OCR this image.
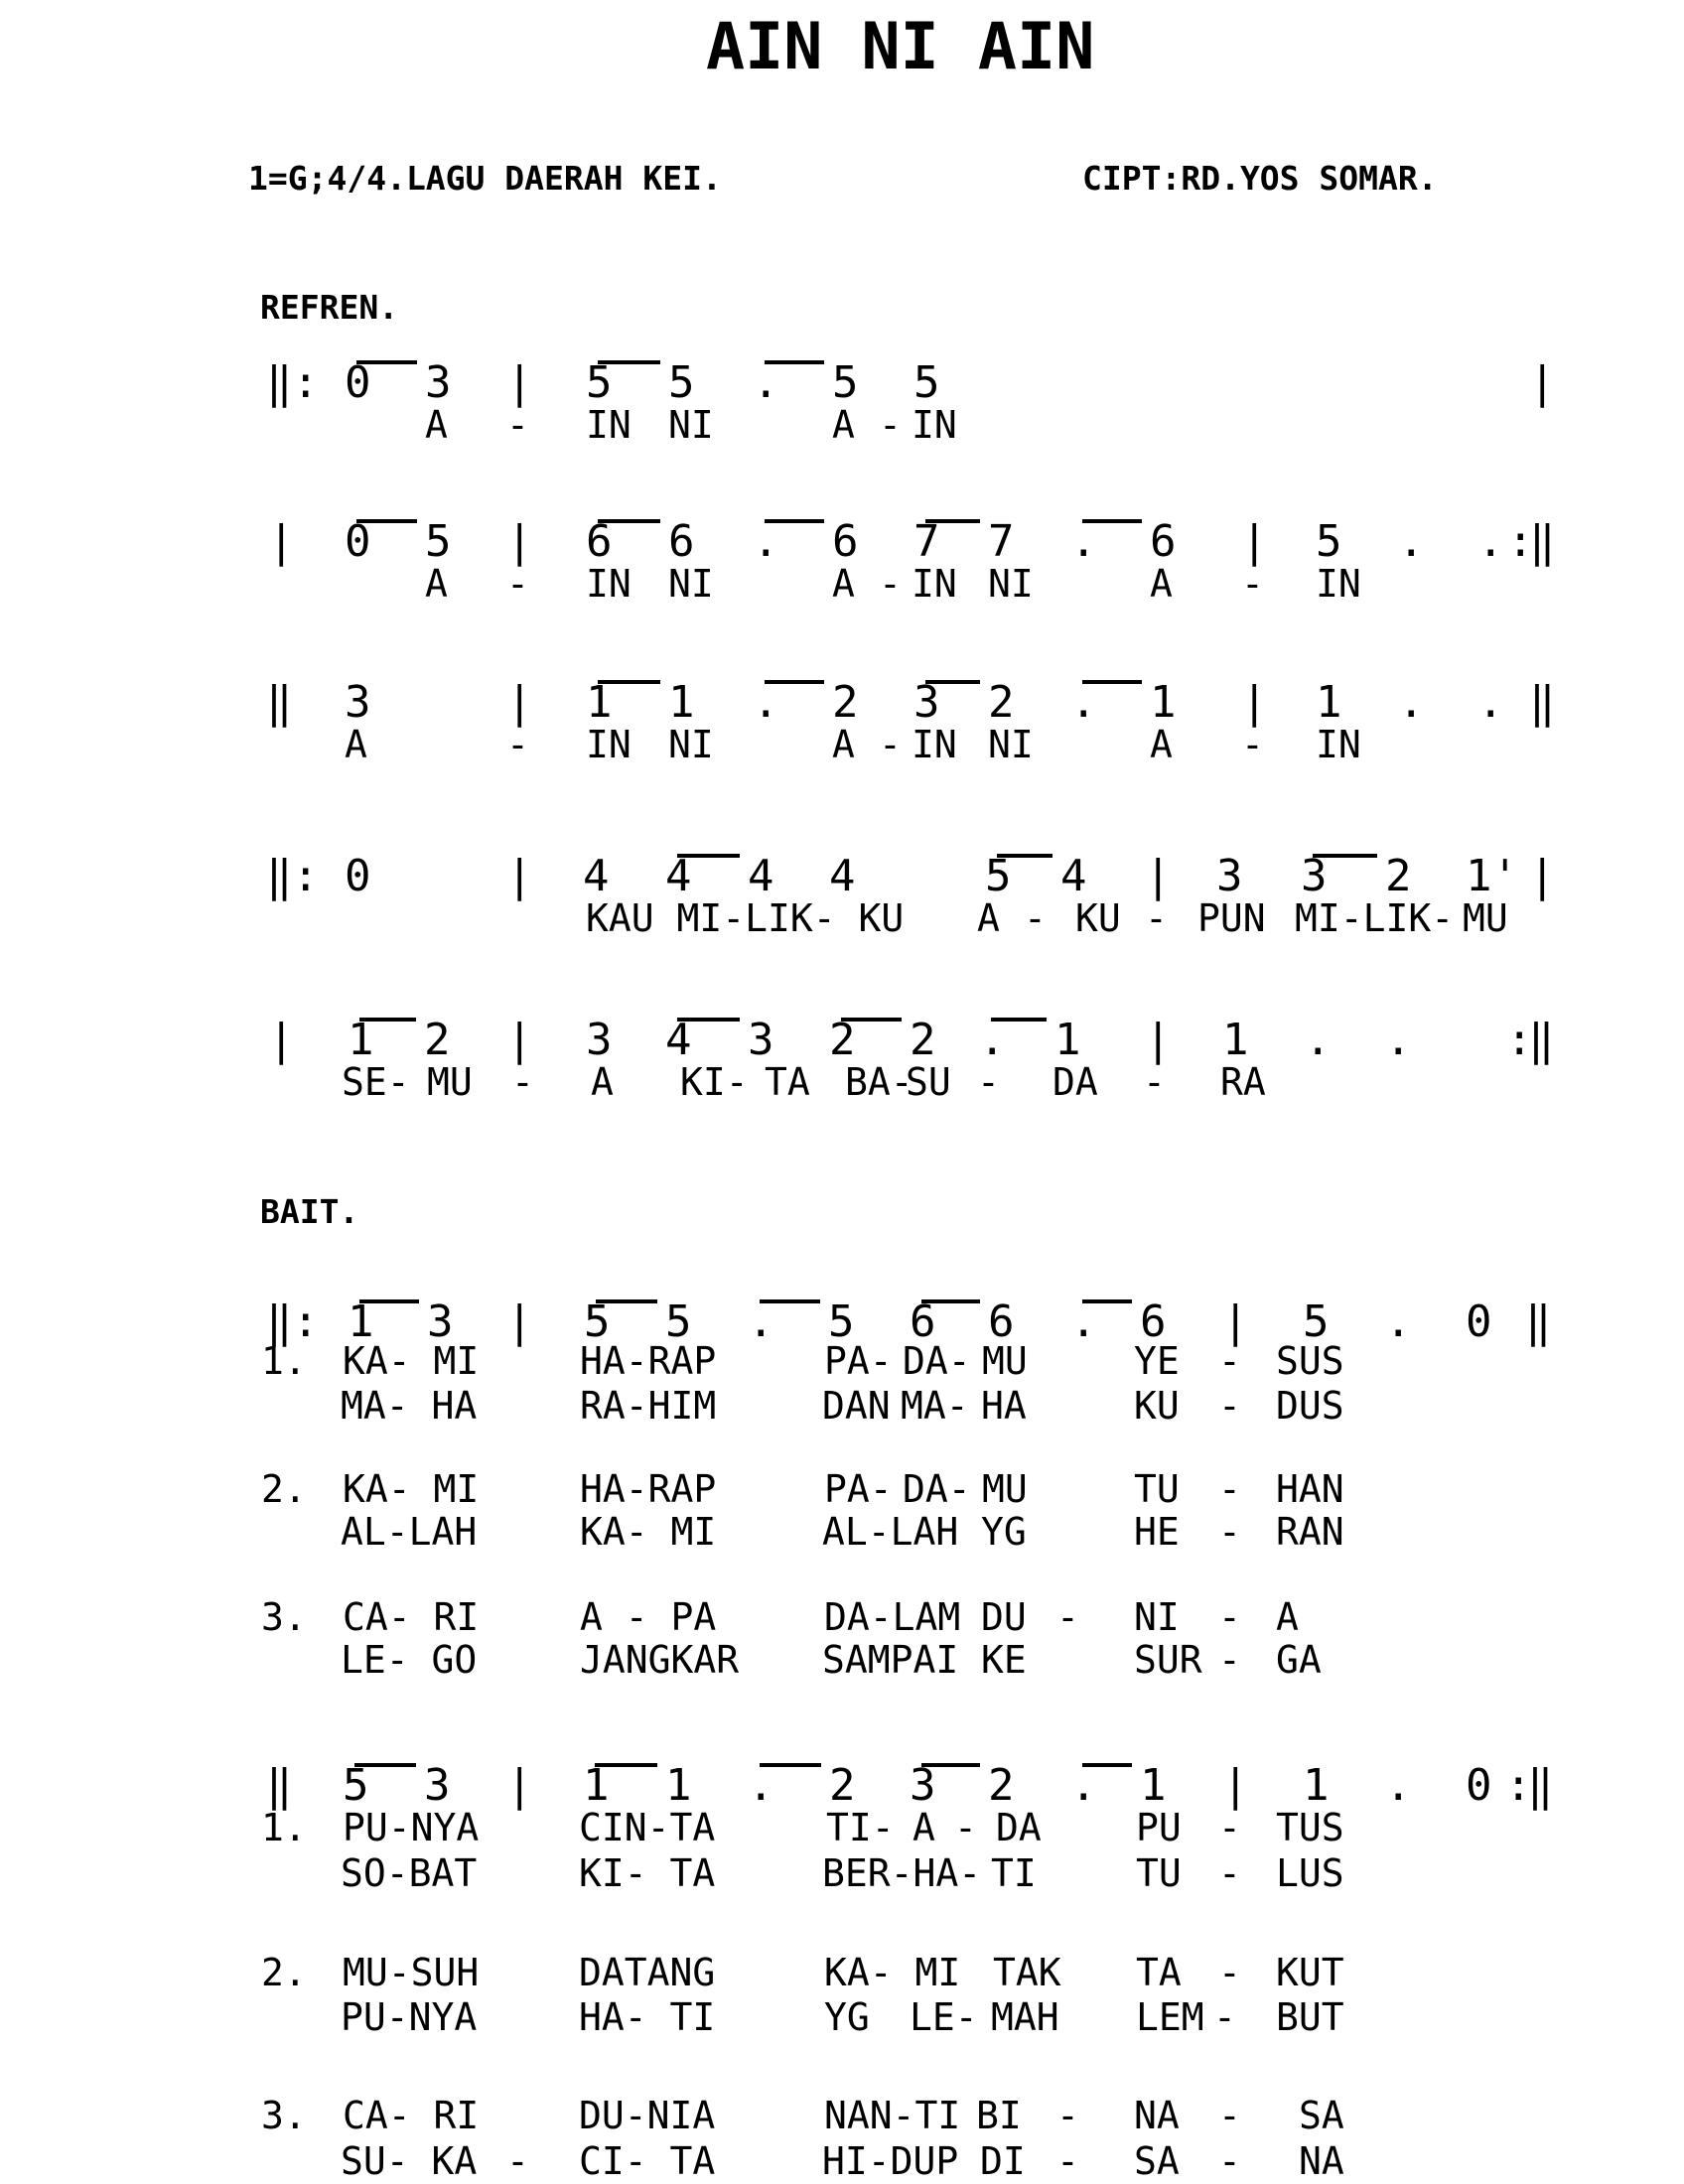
AIN NI AIN
1=G;4/4.LAGU DAERAH KEI.	CIPT:RD.YOS SOMAR.
REFREN.
BAIT.
‖: 0 3 | 5 5 . 5 5	|
A - IN NI	A - IN
| 0 5 | 6 6 . 6 7 7 . 6 | 5 . . :
‖
A - IN NI	A - IN NI	A - IN
‖ 3	| 1 1 . 2 3 2 . 1 | 1 . . ‖
A	- IN NI	A - IN NI	A - IN
‖: 0	| 4 4 4 4	5 4 | 3 3 2 1' |
KAU MI-LIK- KU A - KU - PUN MI-LIK- MU
| 1 2 | 3 4 3 2 2 . 1 | 1 . . :
‖
SE- MU - A KI- TA BA-
SU - DA - RA
‖: 1 3 | 5 5 . 5 6 6 . 6 | 5 . 0 ‖
1. KA- MI	HA-RAP	PA- DA- MU	YE - SUS
MA- HA	RA-HIM	DAN MA- HA	KU - DUS
2. KA- MI	HA-RAP	PA- DA- MU	TU - HAN
AL-LAH	KA- MI	AL-LAH YG	HE - RAN
3. CA- RI	A - PA	DA-LAM DU - NI - A
LE- GO	JANGKAR SAMPAI KE	SUR - GA
‖ 5 3 | 1 1 . 2 3 2 . 1 | 1 . 0 :
‖
1. PU-NYA	CIN-TA	TI- A - DA	PU - TUS
SO-BAT	KI- TA	BER-HA- TI	TU - LUS
2. MU-SUH	DATANG	KA- MI TAK TA - KUT
PU-NYA	HA- TI	YG LE- MAH LEM - BUT
3. CA- RI	DU-NIA	NAN-TI BI - NA - SA
SU- KA - CI- TA	HI-DUP DI - SA - NA
